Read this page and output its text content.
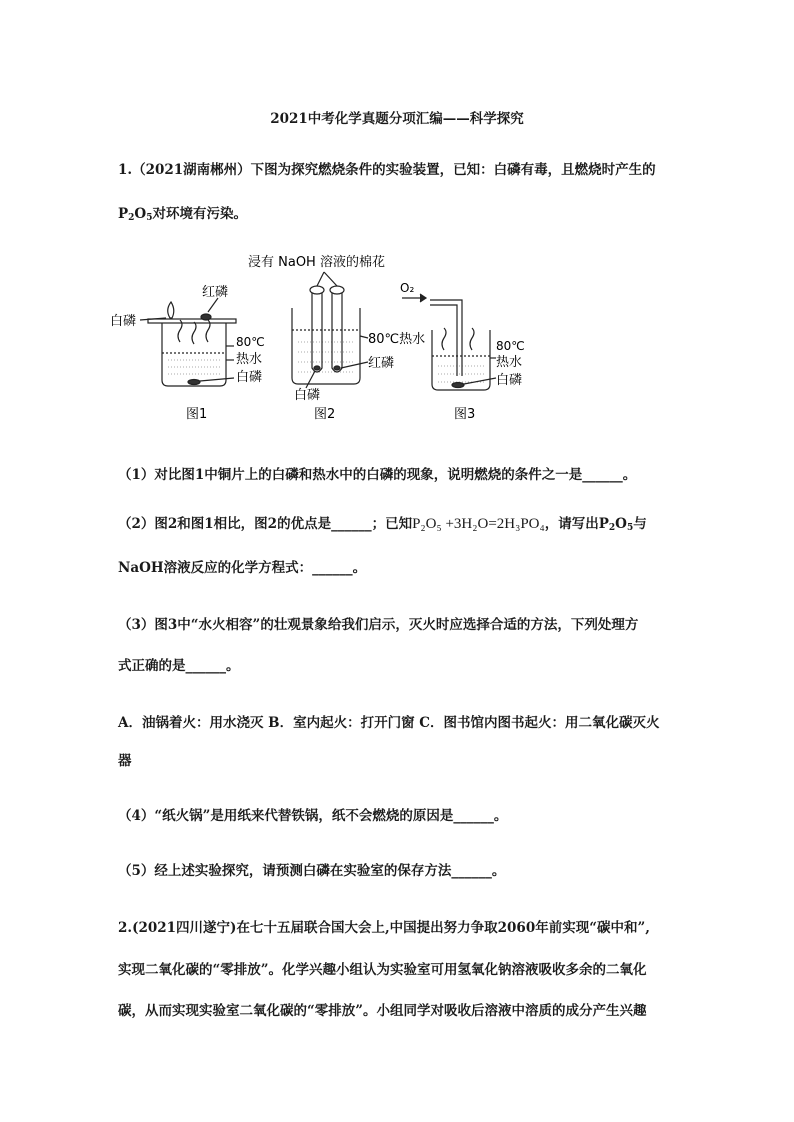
2021中考化学真题分项汇编——科学探究
1.（2021湖南郴州）下图为探究燃烧条件的实验装置，已知：白磷有毒，且燃烧时产生的
$P_2O_5$对环境有污染。
浸有 NaOH 溶液的棉花
白磷
红磷
80℃
热水
白磷
图1
80℃热水
红磷
白磷
图2
O₂
80℃
热水
白磷
图3
（1）对比图1中铜片上的白磷和热水中的白磷的现象，说明燃烧的条件之一是______。
（2）图2和图1相比，图2的优点是______；已知P₂O₅ +3H₂O=2H₃PO₄，请写出$P_2O_5$与
NaOH溶液反应的化学方程式：______。
（3）图3中“水火相容”的壮观景象给我们启示，灭火时应选择合适的方法，下列处理方
式正确的是______。
A．油锅着火：用水浇灭 B．室内起火：打开门窗 C．图书馆内图书起火：用二氧化碳灭火
器
（4）“纸火锅”是用纸来代替铁锅，纸不会燃烧的原因是______。
（5）经上述实验探究，请预测白磷在实验室的保存方法______。
2.(2021四川遂宁)在七十五届联合国大会上,中国提出努力争取2060年前实现“碳中和”,
实现二氧化碳的“零排放”。化学兴趣小组认为实验室可用氢氧化钠溶液吸收多余的二氧化
碳，从而实现实验室二氧化碳的“零排放”。小组同学对吸收后溶液中溶质的成分产生兴趣
